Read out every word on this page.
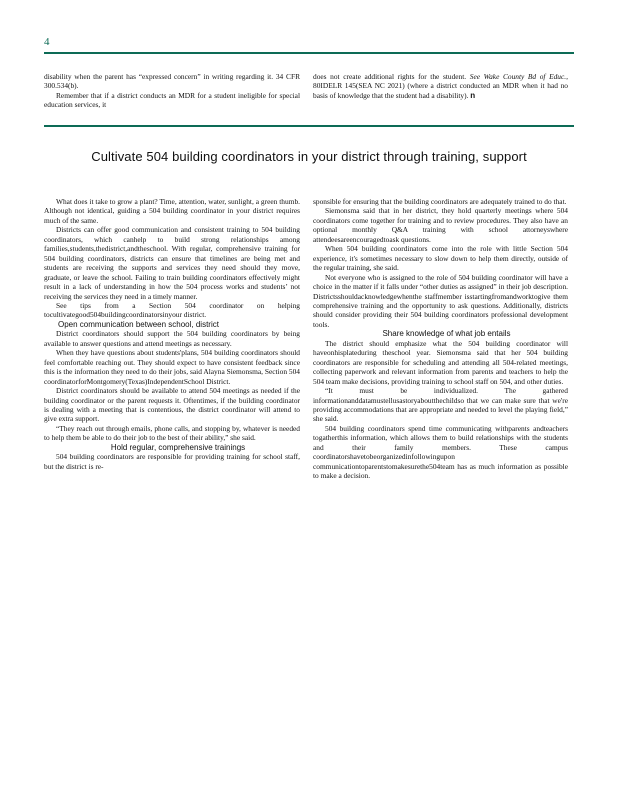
4

disability when the parent has “expressed concern” in writing regarding it. 34 CFR 300.534(b).

Remember that if a district conducts an MDR for a student ineligible for special education services, it

does not create additional rights for the student. See Wake County Bd of Educ., 80IDELR 145(SEA NC 2021) (where a district conducted an MDR when it had no basis of knowledge that the student had a disability). n

Cultivate 504 building coordinators in your district through training, support

What does it take to grow a plant? Time, attention, water, sunlight, a green thumb. Although not identical, guiding a 504 building coordinator in your district requires much of the same.

Districts can offer good communication and consistent training to 504 building coordinators, which canhelp to build strong relationships among families,students,thedistrict,andtheschool. With regular, comprehensive training for 504 building coordinators, districts can ensure that timelines are being met and students are receiving the supports and services they need should they move, graduate, or leave the school. Failing to train building coordinators effectively might result in a lack of understanding in how the 504 process works and students’ not receiving the services they need in a timely manner.

See tips from a Section 504 coordinator on helping tocultivategood504buildingcoordinatorsinyour district.

Open communication between school, district

District coordinators should support the 504 building coordinators by being available to answer questions and attend meetings as necessary.

When they have questions about students'plans, 504 building coordinators should feel comfortable reaching out. They should expect to have consistent feedback since this is the information they need to do their jobs, said Alayna Siemonsma, Section 504 coordinatorforMontgomery(Texas)IndependentSchool District.

District coordinators should be available to attend 504 meetings as needed if the building coordinator or the parent requests it. Oftentimes, if the building coordinator is dealing with a meeting that is contentious, the district coordinator will attend to give extra support.

“They reach out through emails, phone calls, and stopping by, whatever is needed to help them be able to do their job to the best of their ability,” she said.

Hold regular, comprehensive trainings

504 building coordinators are responsible for providing training for school staff, but the district is re-

sponsible for ensuring that the building coordinators are adequately trained to do that.

Siemonsma said that in her district, they hold quarterly meetings where 504 coordinators come together for training and to review procedures. They also have an optional monthly Q&A training with school attorneyswhere attendeesareencouragedtoask questions.

When 504 building coordinators come into the role with little Section 504 experience, it's sometimes necessary to slow down to help them directly, outside of the regular training, she said.

Not everyone who is assigned to the role of 504 building coordinator will have a choice in the matter if it falls under “other duties as assigned” in their job description. Districtsshouldacknowledgewhenthe staffmember isstartingfromandworktogive them comprehensive training and the opportunity to ask questions. Additionally, districts should consider providing their 504 building coordinators professional development tools.

Share knowledge of what job entails

The district should emphasize what the 504 building coordinator will haveonhisplateduring theschool year. Siemonsma said that her 504 building coordinators are responsible for scheduling and attending all 504-related meetings, collecting paperwork and relevant information from parents and teachers to help the 504 team make decisions, providing training to school staff on 504, and other duties.

“It must be individualized. The gathered informationanddatamustellusastoryaboutthechildso that we can make sure that we're providing accommodations that are appropriate and needed to level the playing field,” she said.

504 building coordinators spend time communicating withparents andteachers togatherthis information, which allows them to build relationships with the students and their family members. These campus coordinatorshavetobeorganizedinfollowingupon communicationtoparentstomakesurethe504team has as much information as possible to make a decision.
